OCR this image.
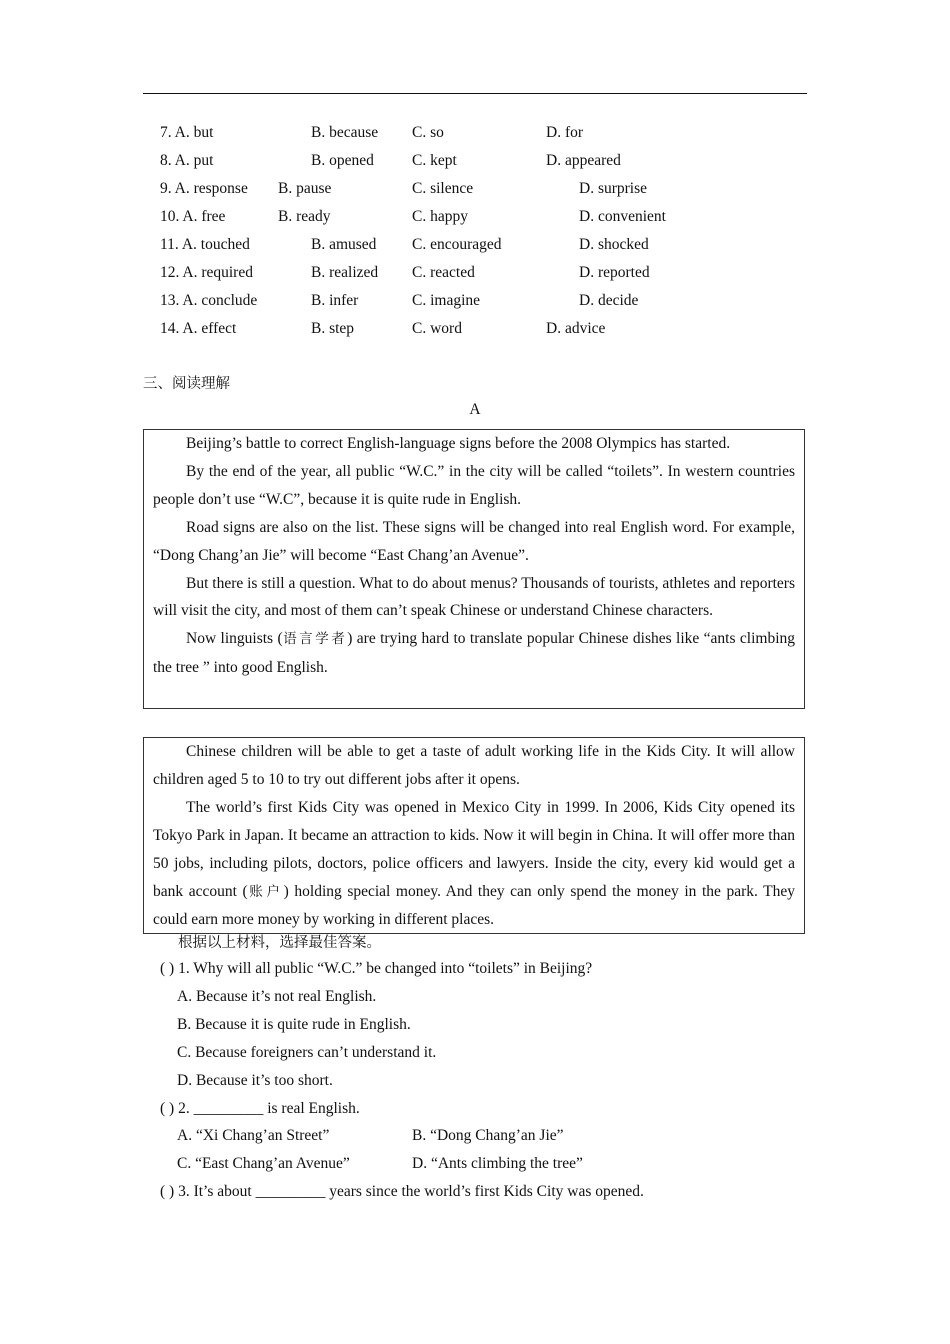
7. A. but	B. because C. so	D. for
8. A. put	B. opened C. kept	D. appeared
9. A. response B. pause	C. silence	D. surprise
10. A. free	B. ready	C. happy	D. convenient
11. A. touched	B. amused C. encouraged	D. shocked
12. A. required	B. realized C. reacted	D. reported
13. A. conclude	B. infer	C. imagine	D. decide
14. A. effect	B. step	C. word	D. advice
三、阅读理解
A

Beijing’s battle to correct English-language signs before the 2008 Olympics has started.

By the end of the year, all public “W.C.” in the city will be called “toilets”. In western countries people don’t use “W.C”, because it is quite rude in English.

Road signs are also on the list. These signs will be changed into real English word. For example, “Dong Chang’an Jie” will become “East Chang’an Avenue”.

But there is still a question. What to do about menus? Thousands of tourists, athletes and reporters will visit the city, and most of them can’t speak Chinese or understand Chinese characters.

Now linguists (语言学者) are trying hard to translate popular Chinese dishes like “ants climbing the tree ” into good English.

Chinese children will be able to get a taste of adult working life in the Kids City. It will allow children aged 5 to 10 to try out different jobs after it opens.

The world’s first Kids City was opened in Mexico City in 1999. In 2006, Kids City opened its Tokyo Park in Japan. It became an attraction to kids. Now it will begin in China. It will offer more than 50 jobs, including pilots, doctors, police officers and lawyers. Inside the city, every kid would get a bank account (账户) holding special money. And they can only spend the money in the park. They could earn more money by working in different places.

根据以上材料，选择最佳答案。
( ) 1. Why will all public “W.C.” be changed into “toilets” in Beijing?
A. Because it’s not real English.
B. Because it is quite rude in English.
C. Because foreigners can’t understand it.
D. Because it’s too short.
( ) 2. _________ is real English.
A. “Xi Chang’an Street”	B. “Dong Chang’an Jie”
C. “East Chang’an Avenue”	D. “Ants climbing the tree”
( ) 3. It’s about _________ years since the world’s first Kids City was opened.
